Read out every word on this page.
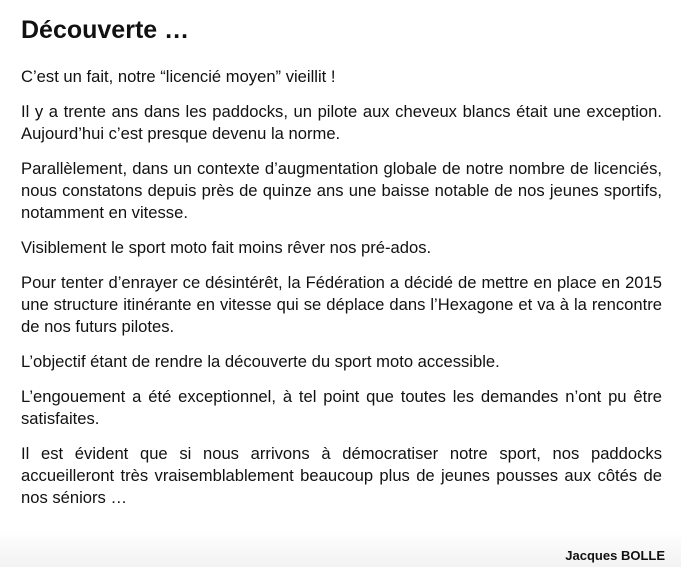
Découverte …

C’est un fait, notre “licencié moyen” vieillit !

Il y a trente ans dans les paddocks, un pilote aux cheveux blancs était une exception. Aujourd’hui c’est presque devenu la norme.

Parallèlement, dans un contexte d’augmentation globale de notre nombre de licenciés, nous constatons depuis près de quinze ans une baisse notable de nos jeunes sportifs, notamment en vitesse.

Visiblement le sport moto fait moins rêver nos pré-ados.

Pour tenter d’enrayer ce désintérêt, la Fédération a décidé de mettre en place en 2015 une structure itinérante en vitesse qui se déplace dans l’Hexagone et va à la rencontre de nos futurs pilotes.

L’objectif étant de rendre la découverte du sport moto accessible.

L’engouement a été exceptionnel, à tel point que toutes les demandes n’ont pu être satisfaites.

Il est évident que si nous arrivons à démocratiser notre sport, nos paddocks accueilleront très vraisemblablement beaucoup plus de jeunes pousses aux côtés de nos séniors …

Jacques BOLLE
